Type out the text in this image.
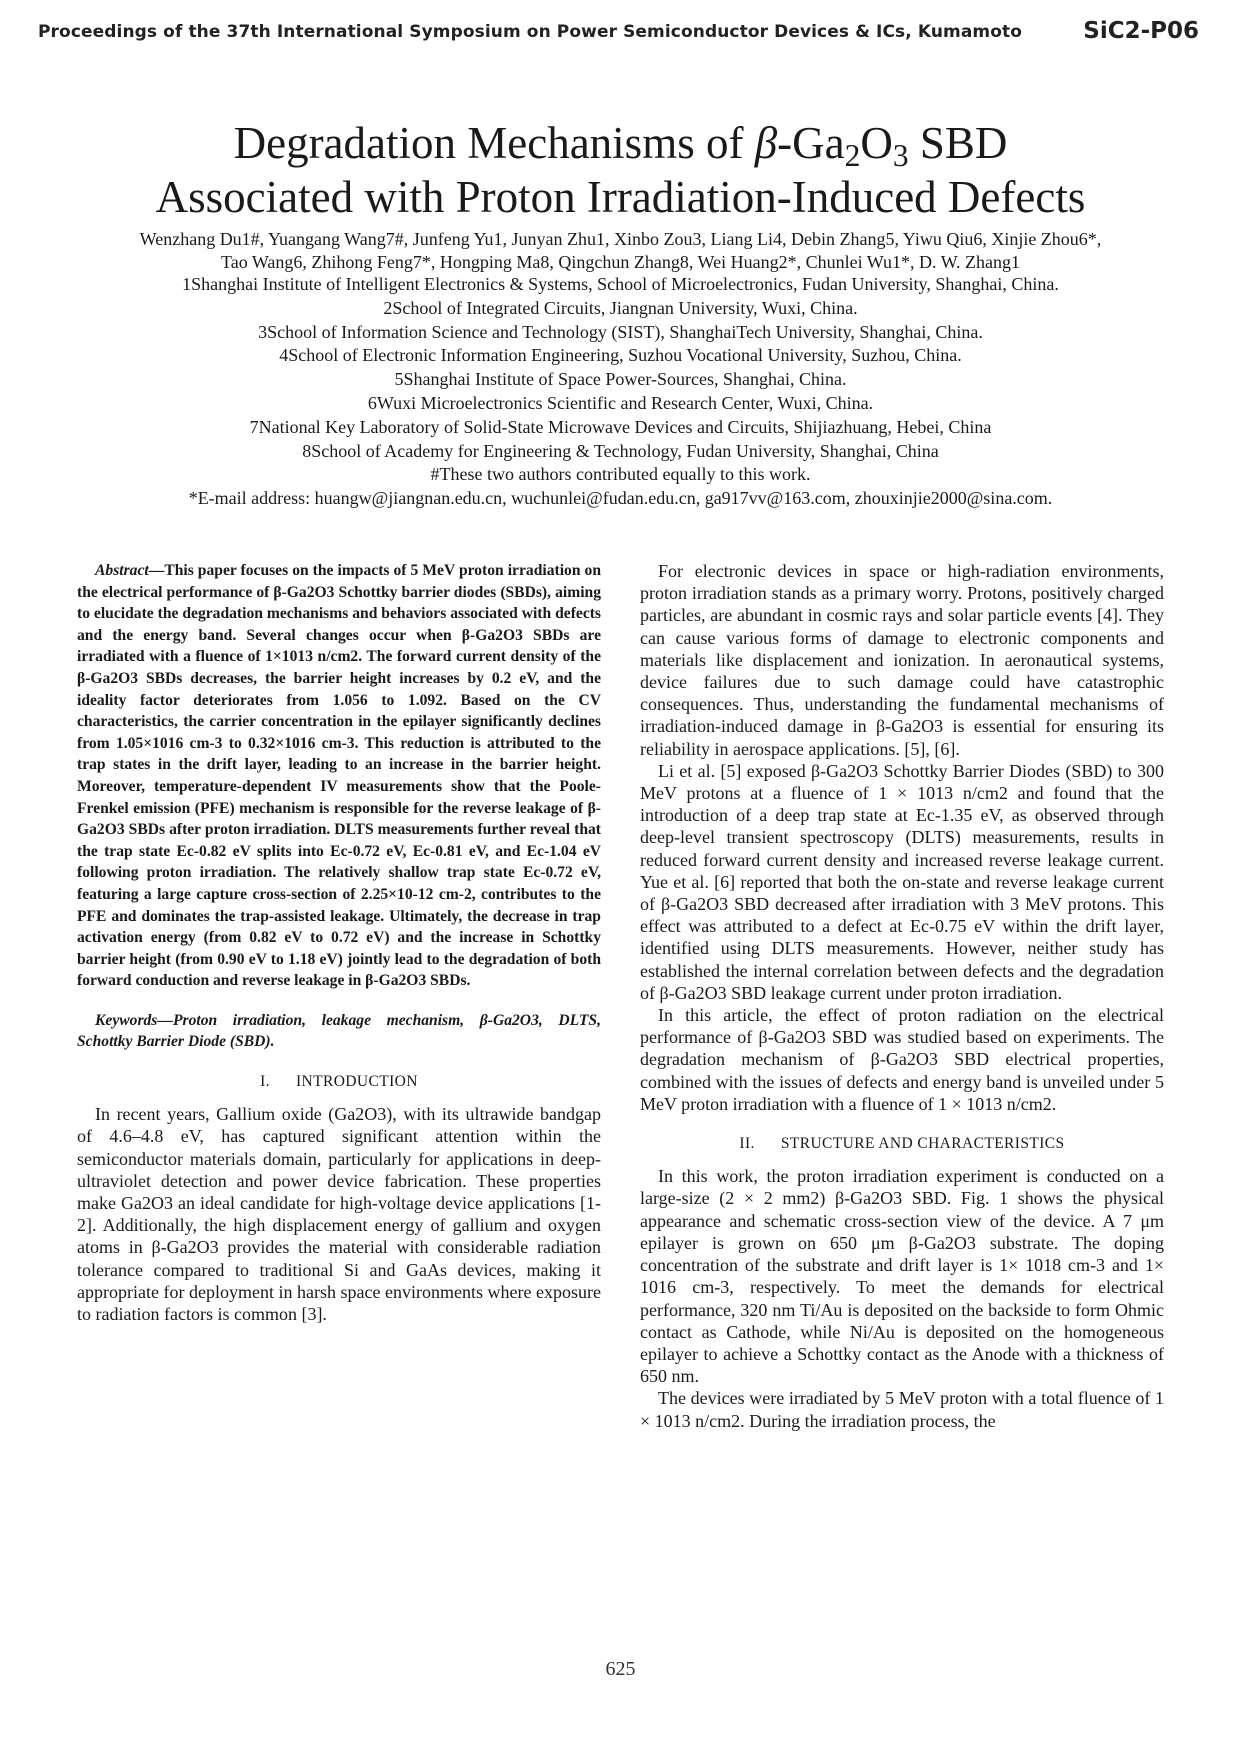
Proceedings of the 37th International Symposium on Power Semiconductor Devices & ICs, Kumamoto	SiC2-P06
Degradation Mechanisms of $\beta-Ga_2O_3$ SBD
Associated with Proton Irradiation-Induced Defects
Wenzhang Du1#, Yuangang Wang7#, Junfeng Yu1, Junyan Zhu1, Xinbo Zou3, Liang Li4, Debin Zhang5, Yiwu Qiu6, Xinjie Zhou6*,
Tao Wang6, Zhihong Feng7*, Hongping Ma8, Qingchun Zhang8, Wei Huang2*, Chunlei Wu1*, D. W. Zhang1
1Shanghai Institute of Intelligent Electronics & Systems, School of Microelectronics, Fudan University, Shanghai, China.
2School of Integrated Circuits, Jiangnan University, Wuxi, China.
3School of Information Science and Technology (SIST), ShanghaiTech University, Shanghai, China.
4School of Electronic Information Engineering, Suzhou Vocational University, Suzhou, China.
5Shanghai Institute of Space Power-Sources, Shanghai, China.
6Wuxi Microelectronics Scientific and Research Center, Wuxi, China.
7National Key Laboratory of Solid-State Microwave Devices and Circuits, Shijiazhuang, Hebei, China
8School of Academy for Engineering & Technology, Fudan University, Shanghai, China
#These two authors contributed equally to this work.
*E-mail address: huangw@jiangnan.edu.cn, wuchunlei@fudan.edu.cn, ga917vv@163.com, zhouxinjie2000@sina.com.

Abstract—This paper focuses on the impacts of 5 MeV proton irradiation on the electrical performance of β-Ga2O3 Schottky barrier diodes (SBDs), aiming to elucidate the degradation mechanisms and behaviors associated with defects and the energy band. Several changes occur when β-Ga2O3 SBDs are irradiated with a fluence of 1×1013 n/cm2. The forward current density of the β-Ga2O3 SBDs decreases, the barrier height increases by 0.2 eV, and the ideality factor deteriorates from 1.056 to 1.092. Based on the CV characteristics, the carrier concentration in the epilayer significantly declines from 1.05×1016 cm-3 to 0.32×1016 cm-3. This reduction is attributed to the trap states in the drift layer, leading to an increase in the barrier height. Moreover, temperature-dependent IV measurements show that the Poole-Frenkel emission (PFE) mechanism is responsible for the reverse leakage of β-Ga2O3 SBDs after proton irradiation. DLTS measurements further reveal that the trap state Ec-0.82 eV splits into Ec-0.72 eV, Ec-0.81 eV, and Ec-1.04 eV following proton irradiation. The relatively shallow trap state Ec-0.72 eV, featuring a large capture cross-section of 2.25×10-12 cm-2, contributes to the PFE and dominates the trap-assisted leakage. Ultimately, the decrease in trap activation energy (from 0.82 eV to 0.72 eV) and the increase in Schottky barrier height (from 0.90 eV to 1.18 eV) jointly lead to the degradation of both forward conduction and reverse leakage in β-Ga2O3 SBDs.

Keywords—Proton irradiation, leakage mechanism, β-Ga2O3, DLTS, Schottky Barrier Diode (SBD).

I. INTRODUCTION

In recent years, Gallium oxide (Ga2O3), with its ultrawide bandgap of 4.6–4.8 eV, has captured significant attention within the semiconductor materials domain, particularly for applications in deep-ultraviolet detection and power device fabrication. These properties make Ga2O3 an ideal candidate for high-voltage device applications [1-2]. Additionally, the high displacement energy of gallium and oxygen atoms in β-Ga2O3 provides the material with considerable radiation tolerance compared to traditional Si and GaAs devices, making it appropriate for deployment in harsh space environments where exposure to radiation factors is common [3].

For electronic devices in space or high-radiation environments, proton irradiation stands as a primary worry. Protons, positively charged particles, are abundant in cosmic rays and solar particle events [4]. They can cause various forms of damage to electronic components and materials like displacement and ionization. In aeronautical systems, device failures due to such damage could have catastrophic consequences. Thus, understanding the fundamental mechanisms of irradiation-induced damage in β-Ga2O3 is essential for ensuring its reliability in aerospace applications. [5], [6].

Li et al. [5] exposed β-Ga2O3 Schottky Barrier Diodes (SBD) to 300 MeV protons at a fluence of 1 × 1013 n/cm2 and found that the introduction of a deep trap state at Ec-1.35 eV, as observed through deep-level transient spectroscopy (DLTS) measurements, results in reduced forward current density and increased reverse leakage current. Yue et al. [6] reported that both the on-state and reverse leakage current of β-Ga2O3 SBD decreased after irradiation with 3 MeV protons. This effect was attributed to a defect at Ec-0.75 eV within the drift layer, identified using DLTS measurements. However, neither study has established the internal correlation between defects and the degradation of β-Ga2O3 SBD leakage current under proton irradiation.

In this article, the effect of proton radiation on the electrical performance of β-Ga2O3 SBD was studied based on experiments. The degradation mechanism of β-Ga2O3 SBD electrical properties, combined with the issues of defects and energy band is unveiled under 5 MeV proton irradiation with a fluence of 1 × 1013 n/cm2.

II. STRUCTURE AND CHARACTERISTICS

In this work, the proton irradiation experiment is conducted on a large-size (2 × 2 mm2) β-Ga2O3 SBD. Fig. 1 shows the physical appearance and schematic cross-section view of the device. A 7 μm epilayer is grown on 650 μm β-Ga2O3 substrate. The doping concentration of the substrate and drift layer is 1× 1018 cm-3 and 1× 1016 cm-3, respectively. To meet the demands for electrical performance, 320 nm Ti/Au is deposited on the backside to form Ohmic contact as Cathode, while Ni/Au is deposited on the homogeneous epilayer to achieve a Schottky contact as the Anode with a thickness of 650 nm.

The devices were irradiated by 5 MeV proton with a total fluence of 1 × 1013 n/cm2. During the irradiation process, the

625
